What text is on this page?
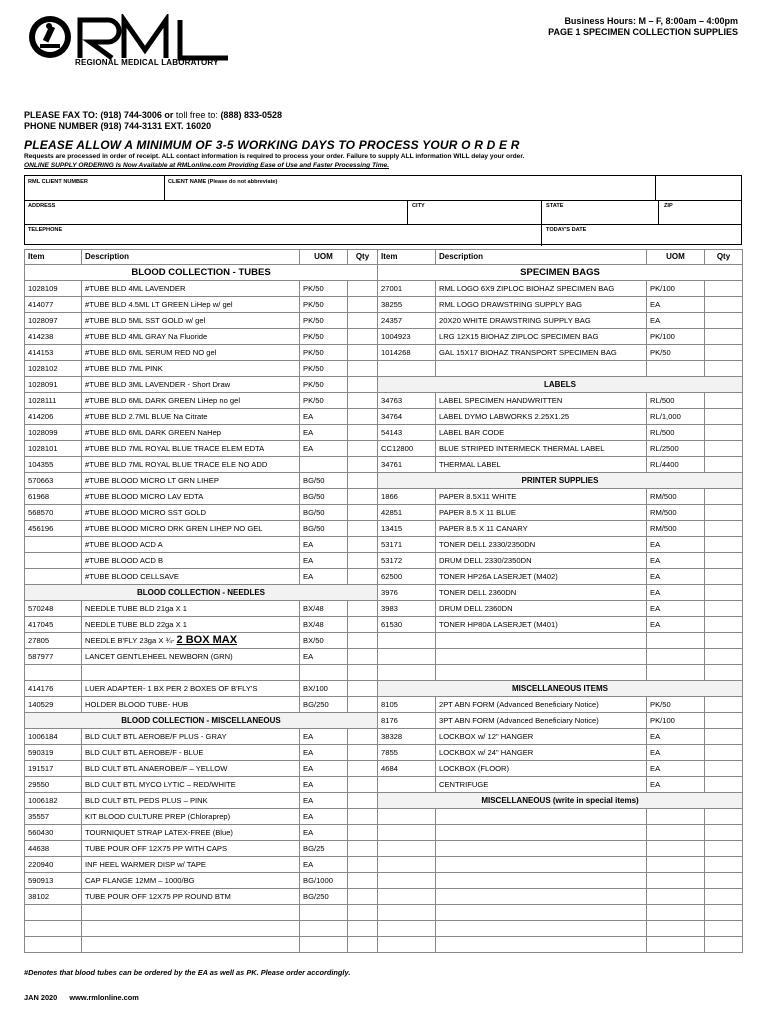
REGIONAL MEDICAL LABORATORY
Business Hours: M – F, 8:00am – 4:00pm
PAGE 1 SPECIMEN COLLECTION SUPPLIES
PLEASE FAX TO: (918) 744-3006 or toll free to: (888) 833-0528
PHONE NUMBER (918) 744-3131 EXT. 16020
PLEASE ALLOW A MINIMUM OF 3-5 WORKING DAYS TO PROCESS YOUR O R D E R
Requests are processed in order of receipt. ALL contact information is required to process your order. Failure to supply ALL information WILL delay your order.
ONLINE SUPPLY ORDERING Is Now Available at RMLonline.com Providing Ease of Use and Faster Processing Time.
RML CLIENT NUMBER	CLIENT NAME (Please do not abbreviate)
ADDRESS	CITY	STATE	ZIP
TELEPHONE	TODAY'S DATE
Item	Description	UOM	Qty	Item	Description	UOM	Qty
BLOOD COLLECTION - TUBES				SPECIMEN BAGS			
1028109	#TUBE BLD 4ML LAVENDER	PK/50		27001	RML LOGO 6X9 ZIPLOC BIOHAZ SPECIMEN BAG	PK/100	
414077	#TUBE BLD 4.5ML LT GREEN LiHep w/ gel	PK/50		38255	RML LOGO DRAWSTRING SUPPLY BAG	EA	
1028097	#TUBE BLD 5ML SST GOLD w/ gel	PK/50		24357	20X20 WHITE DRAWSTRING SUPPLY BAG	EA	
414238	#TUBE BLD 4ML GRAY Na Fluoride	PK/50		1004923	LRG 12X15 BIOHAZ ZIPLOC SPECIMEN BAG	PK/100	
414153	#TUBE BLD 6ML SERUM RED NO gel	PK/50		1014268	GAL 15X17 BIOHAZ TRANSPORT SPECIMEN BAG	PK/50	
1028102	#TUBE BLD 7ML PINK	PK/50					
1028091	#TUBE BLD 3ML LAVENDER - Short Draw	PK/50		LABELS			
1028111	#TUBE BLD 6ML DARK GREEN LiHep no gel	PK/50		34763	LABEL SPECIMEN HANDWRITTEN	RL/500	
414206	#TUBE BLD 2.7ML BLUE Na Citrate	EA		34764	LABEL DYMO LABWORKS 2.25X1.25	RL/1,000	
1028099	#TUBE BLD 6ML DARK GREEN NaHep	EA		54143	LABEL BAR CODE	RL/500	
1028101	#TUBE BLD 7ML ROYAL BLUE TRACE ELEM EDTA	EA		CC12800	BLUE STRIPED INTERMECK THERMAL LABEL	RL/2500	
104355	#TUBE BLD 7ML ROYAL BLUE TRACE ELE NO ADD			34761	THERMAL LABEL	RL/4400	
570663	#TUBE BLOOD MICRO LT GRN LIHEP	BG/50		PRINTER SUPPLIES			
61968	#TUBE BLOOD MICRO LAV EDTA	BG/50		1866	PAPER 8.5X11 WHITE	RM/500	
568570	#TUBE BLOOD MICRO SST GOLD	BG/50		42851	PAPER 8.5 X 11 BLUE	RM/500	
456196	#TUBE BLOOD MICRO DRK GREN LIHEP NO GEL	BG/50		13415	PAPER 8.5 X 11 CANARY	RM/500	
	#TUBE BLOOD ACD A	EA		53171	TONER DELL 2330/2350DN	EA	
	#TUBE BLOOD ACD B	EA		53172	DRUM DELL 2330/2350DN	EA	
	#TUBE BLOOD CELLSAVE	EA		62500	TONER HP26A LASERJET (M402)	EA	
BLOOD COLLECTION - NEEDLES				3976	TONER DELL 2360DN	EA	
570248	NEEDLE TUBE BLD 21ga X 1	BX/48		3983	DRUM DELL 2360DN	EA	
417045	NEEDLE TUBE BLD 22ga X 1	BX/48		61530	TONER HP80A LASERJET (M401)	EA	
27805	NEEDLE B'FLY 23ga X ¾- 2 BOX MAX	BX/50					
587977	LANCET GENTLEHEEL NEWBORN (GRN)	EA					

414176	LUER ADAPTER- 1 BX PER 2 BOXES OF B'FLY'S	BX/100		MISCELLANEOUS ITEMS			
140529	HOLDER BLOOD TUBE- HUB	BG/250		8105	2PT ABN FORM (Advanced Beneficiary Notice)	PK/50	
BLOOD COLLECTION - MISCELLANEOUS				8176	3PT ABN FORM (Advanced Beneficiary Notice)	PK/100	
1006184	BLD CULT BTL AEROBE/F PLUS - GRAY	EA		38328	LOCKBOX w/ 12" HANGER	EA	
590319	BLD CULT BTL AEROBE/F - BLUE	EA		7855	LOCKBOX w/ 24" HANGER	EA	
191517	BLD CULT BTL ANAEROBE/F – YELLOW	EA		4684	LOCKBOX (FLOOR)	EA	
29550	BLD CULT BTL MYCO LYTIC – RED/WHITE	EA			CENTRIFUGE	EA	
1006182	BLD CULT BTL PEDS PLUS – PINK	EA		MISCELLANEOUS (write in special items)			
35557	KIT BLOOD CULTURE PREP (Chloraprep)	EA					
560430	TOURNIQUET STRAP LATEX-FREE (Blue)	EA					
44638	TUBE POUR OFF 12X75 PP WITH CAPS	BG/25					
220940	INF HEEL WARMER DISP w/ TAPE	EA					
590913	CAP FLANGE 12MM – 1000/BG	BG/1000					
38102	TUBE POUR OFF 12X75 PP ROUND BTM	BG/250					

#Denotes that blood tubes can be ordered by the EA as well as PK. Please order accordingly.
JAN 2020 www.rmlonline.com
